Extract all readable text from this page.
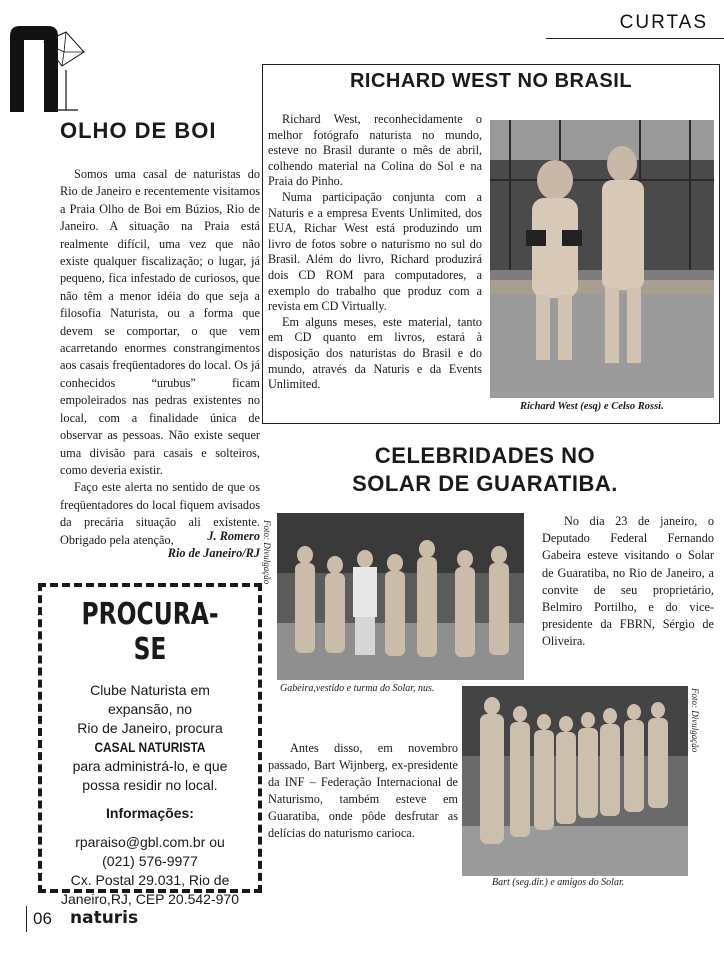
CURTAS
OLHO DE BOI

Somos uma casal de naturistas do Rio de Janeiro e recentemente visitamos a Praia Olho de Boi em Búzios, Rio de Janeiro. A situação na Praia está realmente difícil, uma vez que não existe qualquer fiscalização; o lugar, já pequeno, fica infestado de curiosos, que não têm a menor idéia do que seja a filosofia Naturista, ou a forma que devem se comportar, o que vem acarretando enormes constrangimentos aos casais freqüentadores do local. Os já conhecidos “urubus” ficam empoleirados nas pedras existentes no local, com a finalidade única de observar as pessoas. Não existe sequer uma divisão para casais e solteiros, como deveria existir.

Faço este alerta no sentido de que os freqüentadores do local fiquem avisados da precária situação ali existente. Obrigado pela atenção,	J. Romero
Rio de Janeiro/RJ
PROCURA-SE
Clube Naturista em
expansão, no
Rio de Janeiro, procura
CASAL NATURISTA
para administrá-lo, e que
possa residir no local.
Informações:
rparaiso@gbl.com.br ou
(021) 576-9977
Cx. Postal 29.031, Rio de
Janeiro,RJ, CEP 20.542-970
06 naturis
RICHARD WEST NO BRASIL

Richard West, reconhecidamente o melhor fotógrafo naturista no mundo, esteve no Brasil durante o mês de abril, colhendo material na Colina do Sol e na Praia do Pinho.

Numa participação conjunta com a Naturis e a empresa Events Unlimited, dos EUA, Richar West está produzindo um livro de fotos sobre o naturismo no sul do Brasil. Além do livro, Richard produzirá dois CD ROM para computadores, a exemplo do trabalho que produz com a revista em CD Virtually.

Em alguns meses, este material, tanto em CD quanto em livros, estará à disposição dos naturistas do Brasil e do mundo, através da Naturis e da Events Unlimited.

Richard West (esq) e Celso Rossi.
CELEBRIDADES NO
SOLAR DE GUARATIBA.
Foto: Divulgação
Gabeira,vestido e turma do Solar, nus.

No dia 23 de janeiro, o Deputado Federal Fernando Gabeira esteve visitando o Solar de Guaratiba, no Rio de Janeiro, a convite de seu proprietário, Belmiro Portilho, e do vice-presidente da FBRN, Sérgio de Oliveira.

Antes disso, em novembro passado, Bart Wijnberg, ex-presidente da INF – Federação Internacional de Naturismo, também esteve em Guaratiba, onde pôde desfrutar as delícias do naturismo carioca.

Foto: Divulgação
Bart (seg.dir.) e amigos do Solar.
